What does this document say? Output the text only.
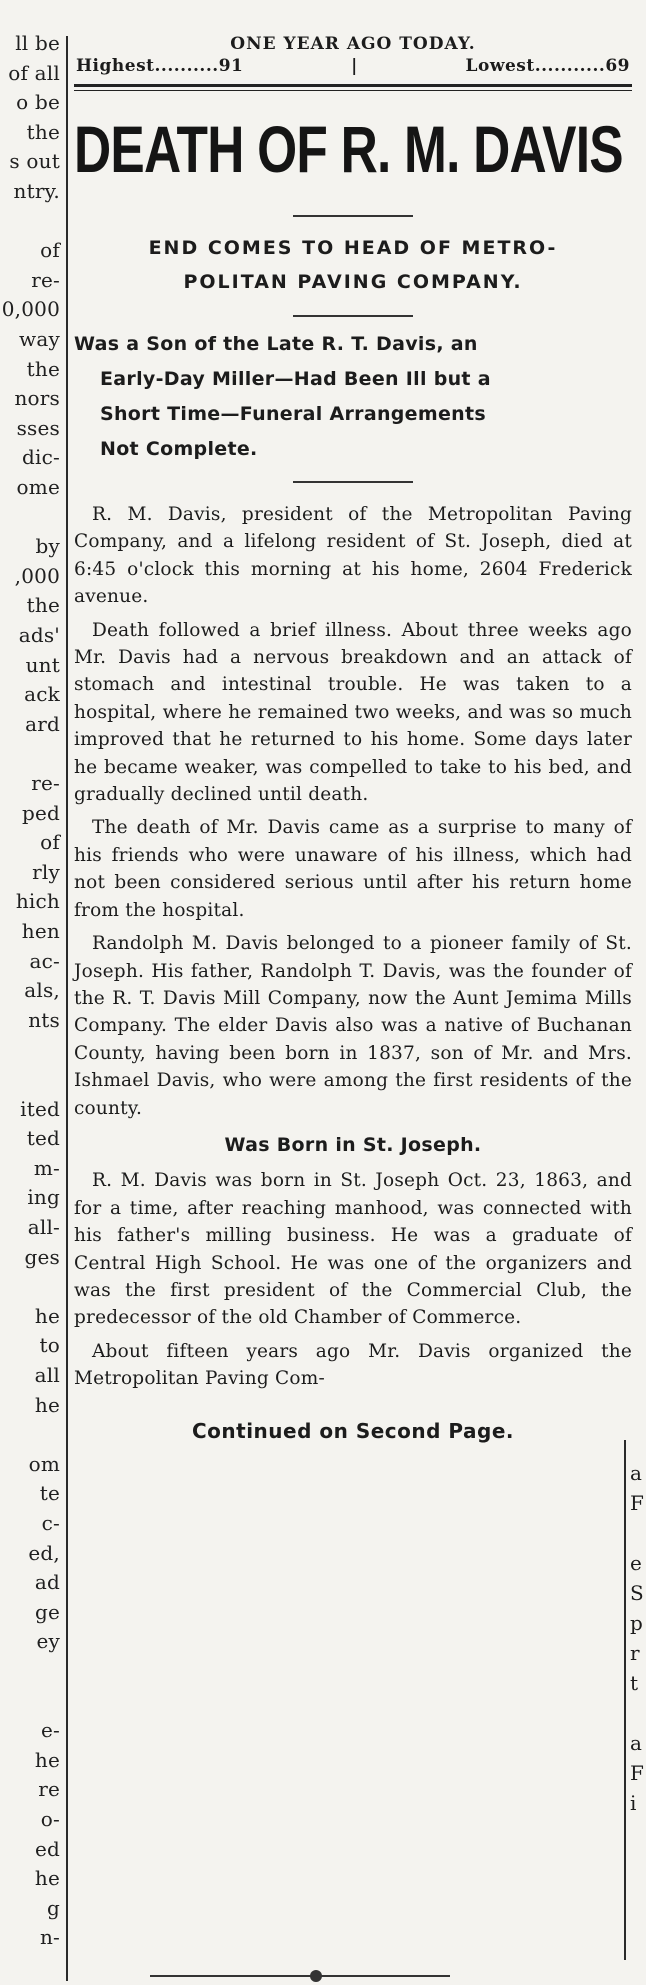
ll be
of all
o be
the
s out
ntry.
of
re-
0,000
way
the
nors
sses
dic-
ome
by
,000
the
ads'
unt
ack
ard
re-
ped
of
rly
hich
hen
ac-
als,
nts
ited
ted
m-
ing
all-
ges
he
to
all
he
om
te
c-
ed,
ad
ge
ey
e-
he
re
o-
ed
he
g
n-
a
F
e
S
p
r
t
a
F
i
ONE YEAR AGO TODAY.
Highest..........91	|	Lowest...........69
DEATH OF R. M. DAVIS
END COMES TO HEAD OF METRO-
POLITAN PAVING COMPANY.
Was a Son of the Late R. T. Davis, an
Early-Day Miller—Had Been Ill but a
Short Time—Funeral Arrangements
Not Complete.

R. M. Davis, president of the Metropolitan Paving Company, and a lifelong resident of St. Joseph, died at 6:45 o'clock this morning at his home, 2604 Frederick avenue.

Death followed a brief illness. About three weeks ago Mr. Davis had a nervous breakdown and an attack of stomach and intestinal trouble. He was taken to a hospital, where he remained two weeks, and was so much improved that he returned to his home. Some days later he became weaker, was compelled to take to his bed, and gradually declined until death.

The death of Mr. Davis came as a surprise to many of his friends who were unaware of his illness, which had not been considered serious until after his return home from the hospital.

Randolph M. Davis belonged to a pioneer family of St. Joseph. His father, Randolph T. Davis, was the founder of the R. T. Davis Mill Company, now the Aunt Jemima Mills Company. The elder Davis also was a native of Buchanan County, having been born in 1837, son of Mr. and Mrs. Ishmael Davis, who were among the first residents of the county.

Was Born in St. Joseph.

R. M. Davis was born in St. Joseph Oct. 23, 1863, and for a time, after reaching manhood, was connected with his father's milling business. He was a graduate of Central High School. He was one of the organizers and was the first president of the Commercial Club, the predecessor of the old Chamber of Commerce.

About fifteen years ago Mr. Davis organized the Metropolitan Paving Com-

Continued on Second Page.
